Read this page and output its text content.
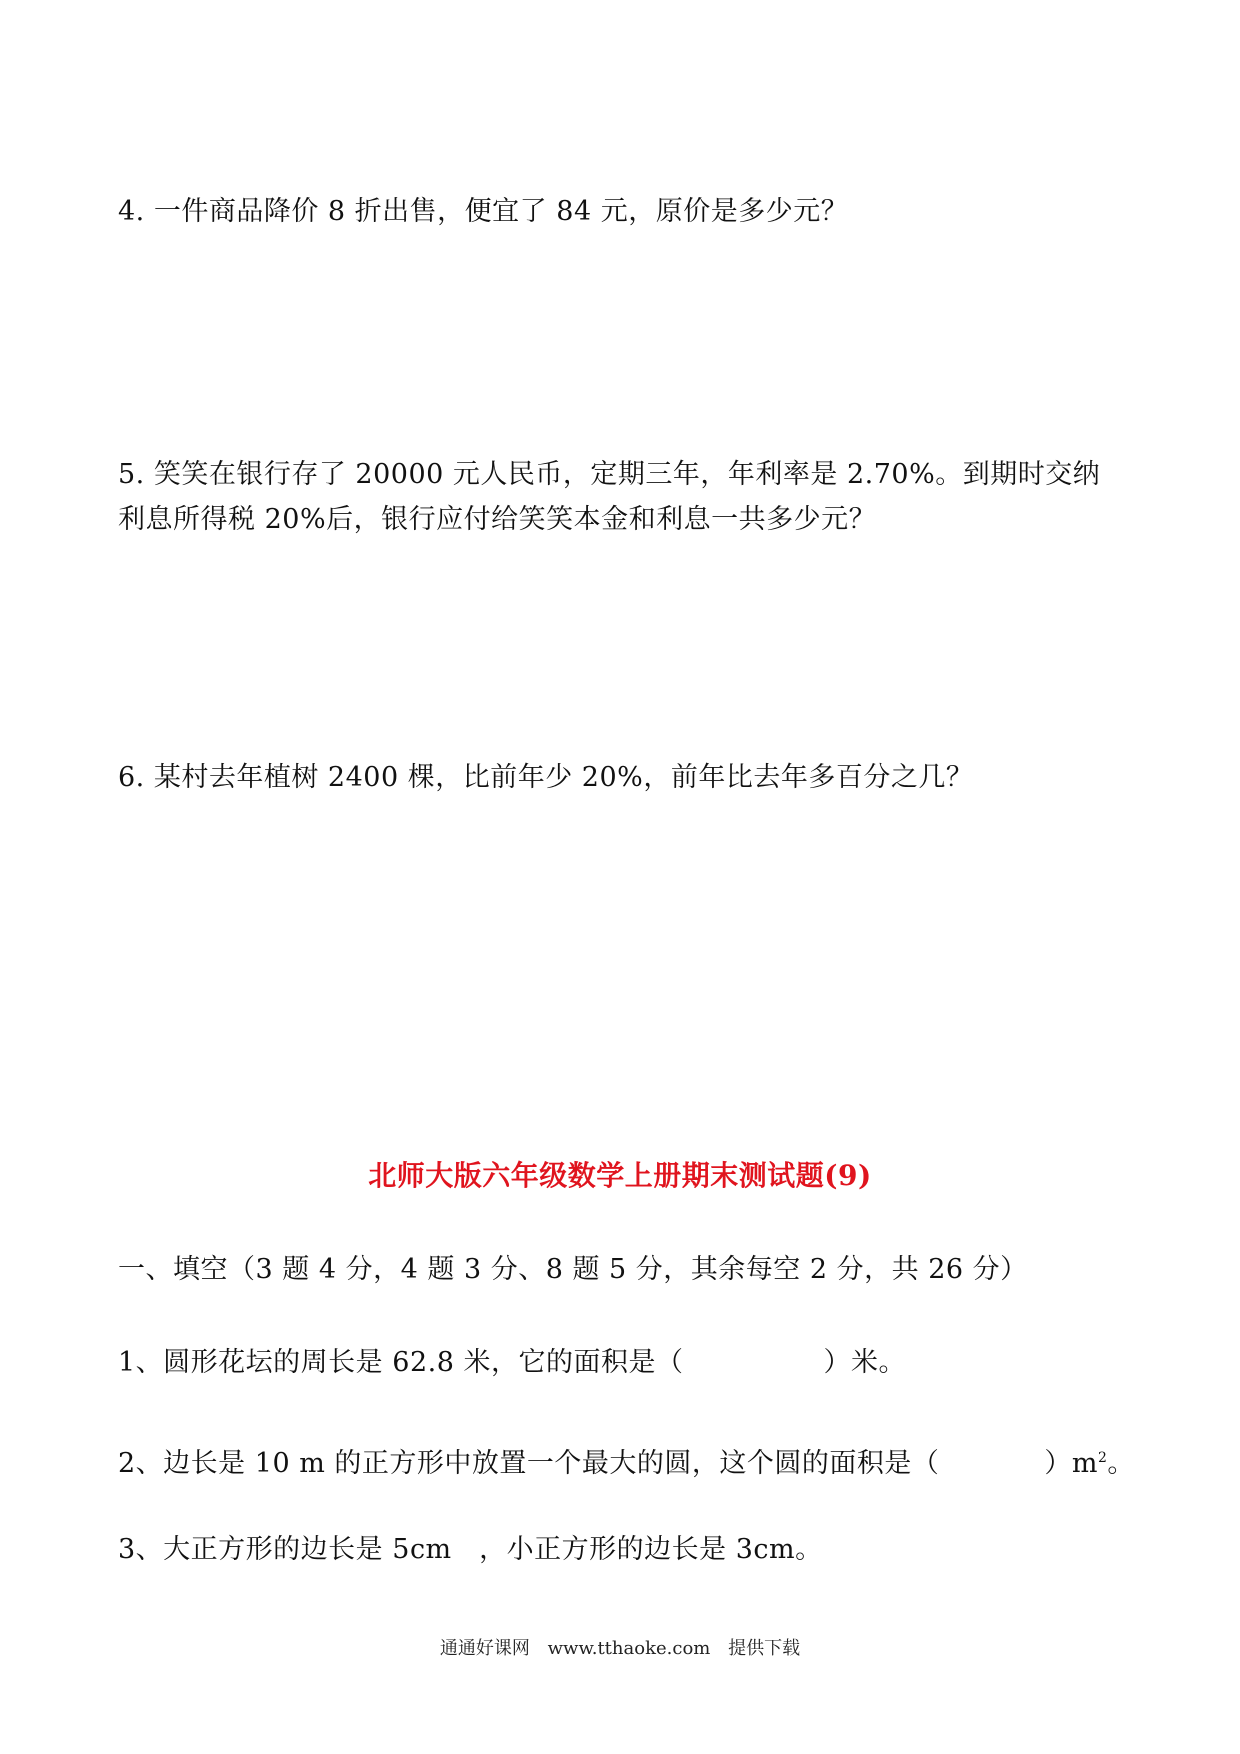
4. 一件商品降价 8 折出售，便宜了 84 元，原价是多少元？
5. 笑笑在银行存了 20000 元人民币，定期三年，年利率是 2.70%。到期时交纳
利息所得税 20%后，银行应付给笑笑本金和利息一共多少元？
6. 某村去年植树 2400 棵，比前年少 20%，前年比去年多百分之几？
北师大版六年级数学上册期末测试题(9)
一、填空（3 题 4 分，4 题 3 分、8 题 5 分，其余每空 2 分，共 26 分）
1、圆形花坛的周长是 62.8 米，它的面积是（	）米。
2、边长是 10 m 的正方形中放置一个最大的圆，这个圆的面积是（	）$m^2$。
3、大正方形的边长是 5cm　，小正方形的边长是 3cm。
通通好课网 www.tthaoke.com 提供下载
